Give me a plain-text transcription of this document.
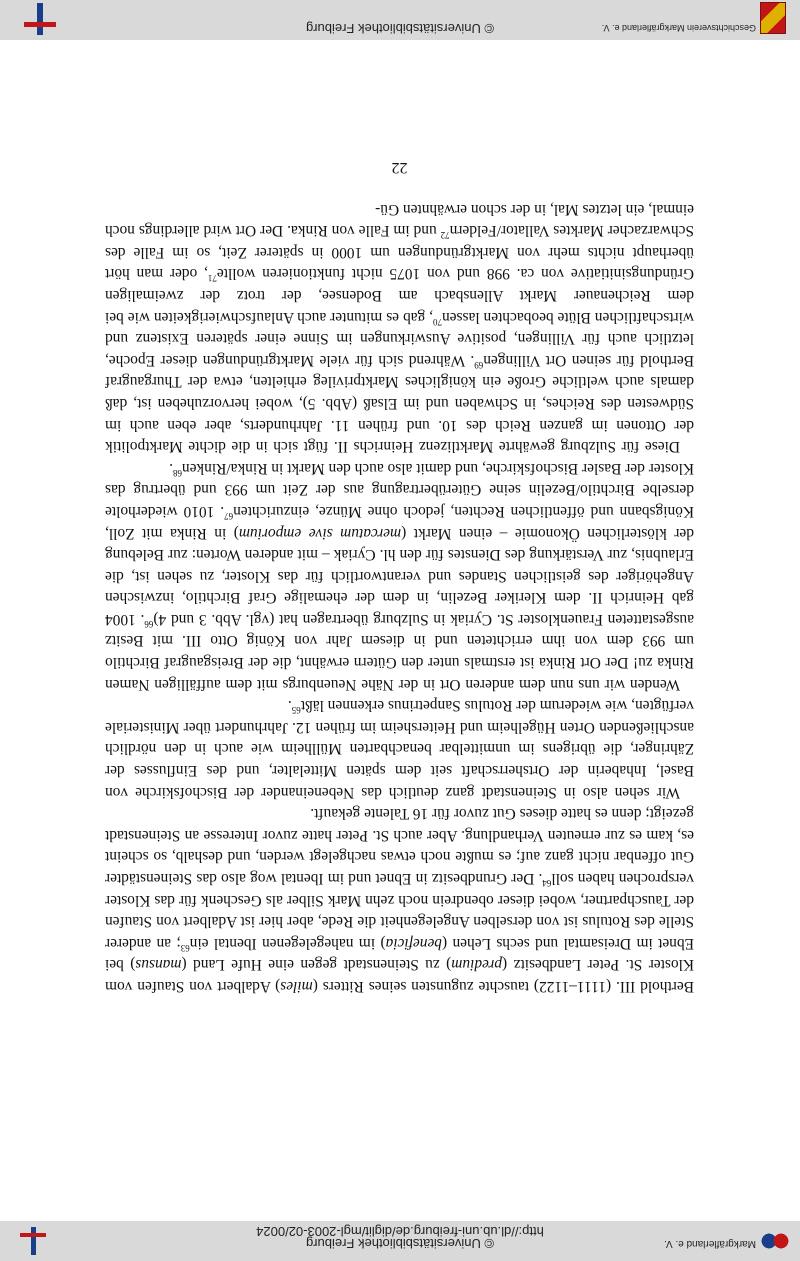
© Universitätsbibliothek Freiburg
http://dl.ub.uni-freiburg.de/diglit/mgl-2003-02/0024
Markgräflerland e. V.

Berthold III. (1111–1122) tauschte zugunsten seines Ritters (miles) Adalbert von Staufen vom Kloster St. Peter Landbesitz (predium) zu Steinenstadt gegen eine Hufe Land (mansus) bei Ebnet im Dreisamtal und sechs Lehen (beneficia) im nahegelegenen Ibental ein$^{63}$; an anderer Stelle des Rotulus ist von derselben Angelegenheit die Rede, aber hier ist Adalbert von Staufen der Tauschpartner, wobei dieser obendrein noch zehn Mark Silber als Geschenk für das Kloster versprochen haben soll$^{64}$. Der Grundbesitz in Ebnet und im Ibental wog also das Steinenstädter Gut offenbar nicht ganz auf; es mußte noch etwas nachgelegt werden, und deshalb, so scheint es, kam es zur erneuten Verhandlung. Aber auch St. Peter hatte zuvor Interesse an Steinenstadt gezeigt; denn es hatte dieses Gut zuvor für 16 Talente gekauft.

Wir sehen also in Steinenstadt ganz deutlich das Nebeneinander der Bischofskirche von Basel, Inhaberin der Ortsherrschaft seit dem späten Mittelalter, und des Einflusses der Zähringer, die übrigens im unmittelbar benachbarten Müllheim wie auch in den nördlich anschließenden Orten Hügelheim und Heitersheim im frühen 12. Jahrhundert über Ministeriale verfügten, wie wiederum der Rotulus Sanpetrinus erkennen läßt$^{65}$.

Wenden wir uns nun dem anderen Ort in der Nähe Neuenburgs mit dem auffälligen Namen Rinka zu! Der Ort Rinka ist erstmals unter den Gütern erwähnt, die der Breisgaugraf Birchtilo um 993 dem von ihm errichteten und in diesem Jahr von König Otto III. mit Besitz ausgestatteten Frauenkloster St. Cyriak in Sulzburg übertragen hat (vgl. Abb. 3 und 4)$^{66}$. 1004 gab Heinrich II. dem Kleriker Bezelin, in dem der ehemalige Graf Birchtilo, inzwischen Angehöriger des geistlichen Standes und verantwortlich für das Kloster, zu sehen ist, die Erlaubnis, zur Verstärkung des Dienstes für den hl. Cyriak – mit anderen Worten: zur Belebung der klösterlichen Ökonomie – einen Markt (mercatum sive emporium) in Rinka mit Zoll, Königsbann und öffentlichen Rechten, jedoch ohne Münze, einzurichten$^{67}$. 1010 wiederholte derselbe Birchtilo/Bezelin seine Güterübertragung aus der Zeit um 993 und übertrug das Kloster der Basler Bischofskirche, und damit also auch den Markt in Rinka/Rinken$^{68}$.

Diese für Sulzburg gewährte Marktlizenz Heinrichs II. fügt sich in die dichte Marktpolitik der Ottonen im ganzen Reich des 10. und frühen 11. Jahrhunderts, aber eben auch im Südwesten des Reiches, in Schwaben und im Elsaß (Abb. 5), wobei hervorzuheben ist, daß damals auch weltliche Große ein königliches Marktprivileg erhielten, etwa der Thurgaugraf Berthold für seinen Ort Villingen$^{69}$. Während sich für viele Marktgründungen dieser Epoche, letztlich auch für Villingen, positive Auswirkungen im Sinne einer späteren Existenz und wirtschaftlichen Blüte beobachten lassen$^{70}$, gab es mitunter auch Anlaufschwierigkeiten wie bei dem Reichenauer Markt Allensbach am Bodensee, der trotz der zweimaligen Gründungsinitiative von ca. 998 und von 1075 nicht funktionieren wollte$^{71}$, oder man hört überhaupt nichts mehr von Marktgründungen um 1000 in späterer Zeit, so im Falle des Schwarzacher Marktes Vallator/Feldern$^{72}$ und im Falle von Rinka. Der Ort wird allerdings noch einmal, ein letztes Mal, in der schon erwähnten Gü-

22
© Universitätsbibliothek Freiburg	Geschichtsverein Markgräflerland e. V.
